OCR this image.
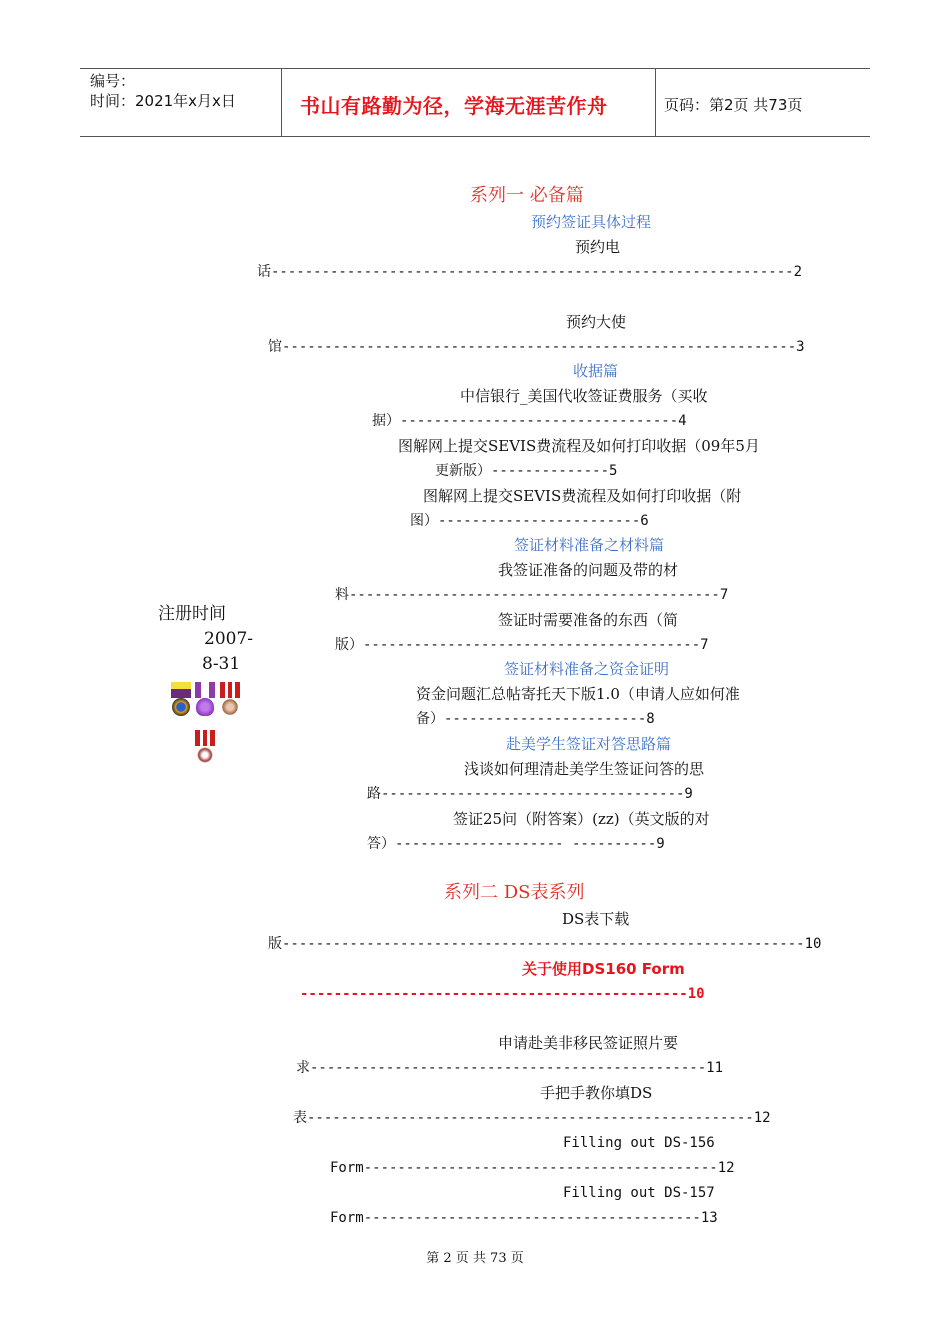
编号：
时间：2021年x月x日	书山有路勤为径，学海无涯苦作舟	页码：第2页 共73页
注册时间
2007-
8-31
系列一 必备篇
预约签证具体过程
预约电
话--------------------------------------------------------------2
预约大使
馆-------------------------------------------------------------3
收据篇
中信银行_美国代收签证费服务（买收
据）---------------------------------4
图解网上提交SEVIS费流程及如何打印收据（09年5月
更新版）--------------5
图解网上提交SEVIS费流程及如何打印收据（附
图）------------------------6
签证材料准备之材料篇
我签证准备的问题及带的材
料--------------------------------------------7
签证时需要准备的东西（简
版）----------------------------------------7
签证材料准备之资金证明
资金问题汇总帖寄托天下版1.0（申请人应如何准
备）------------------------8
赴美学生签证对答思路篇
浅谈如何理清赴美学生签证问答的思
路------------------------------------9
签证25问（附答案）(zz)（英文版的对
答）-------------------- ----------9
系列二 DS表系列
DS表下载
版--------------------------------------------------------------10
关于使用DS160 Form
----------------------------------------------10
申请赴美非移民签证照片要
求-----------------------------------------------11
手把手教你填DS
表-----------------------------------------------------12
Filling out DS-156
Form------------------------------------------12
Filling out DS-157
Form----------------------------------------13
第 2 页 共 73 页
